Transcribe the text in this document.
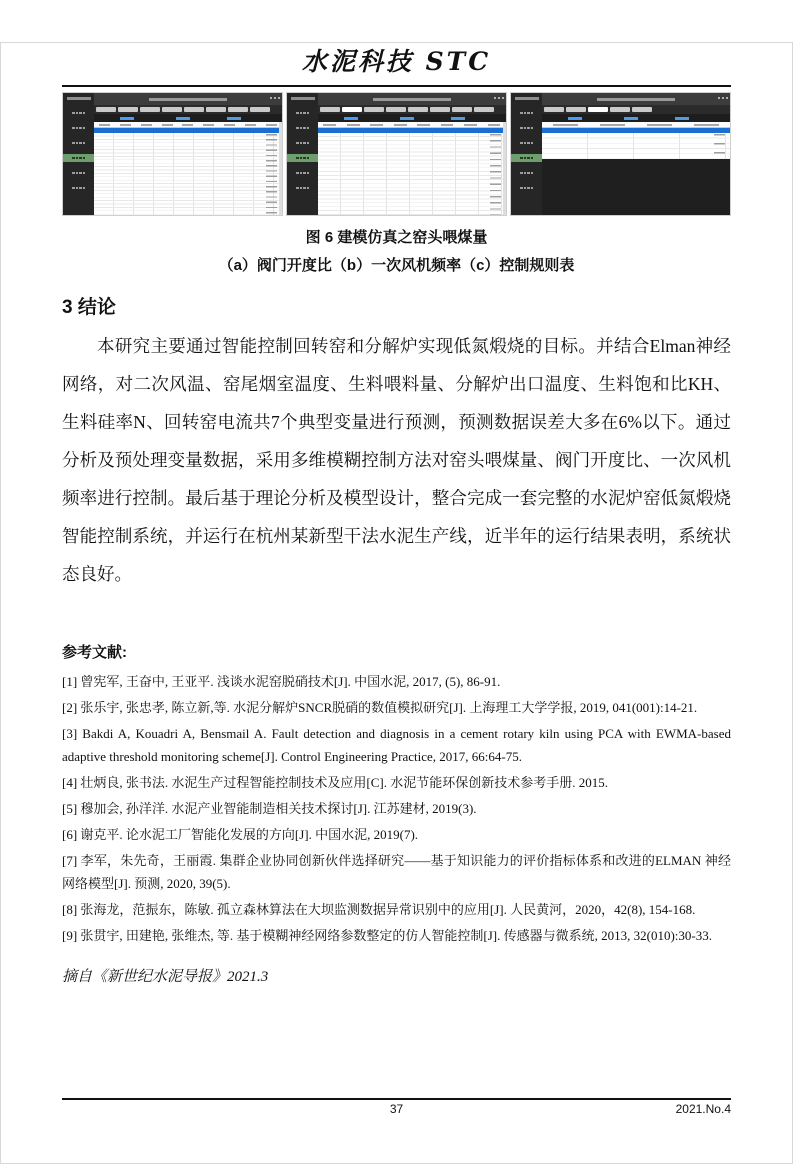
水泥科技 STC
图 6 建模仿真之窑头喂煤量
（a）阀门开度比（b）一次风机频率（c）控制规则表
3 结论

本研究主要通过智能控制回转窑和分解炉实现低氮煅烧的目标。并结合Elman神经网络，对二次风温、窑尾烟室温度、生料喂料量、分解炉出口温度、生料饱和比KH、生料硅率N、回转窑电流共7个典型变量进行预测，预测数据误差大多在6%以下。通过分析及预处理变量数据，采用多维模糊控制方法对窑头喂煤量、阀门开度比、一次风机频率进行控制。最后基于理论分析及模型设计，整合完成一套完整的水泥炉窑低氮煅烧智能控制系统，并运行在杭州某新型干法水泥生产线，近半年的运行结果表明，系统状态良好。

参考文献:

[1] 曾宪军, 王奋中, 王亚平. 浅谈水泥窑脱硝技术[J]. 中国水泥, 2017, (5), 86-91.

[2] 张乐宇, 张忠孝, 陈立新,等. 水泥分解炉SNCR脱硝的数值模拟研究[J]. 上海理工大学学报, 2019, 041(001):14-21.

[3] Bakdi A, Kouadri A, Bensmail A. Fault detection and diagnosis in a cement rotary kiln using PCA with EWMA-based adaptive threshold monitoring scheme[J]. Control Engineering Practice, 2017, 66:64-75.

[4] 壮炳良, 张书法. 水泥生产过程智能控制技术及应用[C]. 水泥节能环保创新技术参考手册. 2015.

[5] 穆加会, 孙洋洋. 水泥产业智能制造相关技术探讨[J]. 江苏建材, 2019(3).

[6] 谢克平. 论水泥工厂智能化发展的方向[J]. 中国水泥, 2019(7).

[7] 李军，朱先奇，王丽霞. 集群企业协同创新伙伴选择研究——基于知识能力的评价指标体系和改进的ELMAN 神经网络模型[J]. 预测, 2020, 39(5).

[8] 张海龙，范振东，陈敏. 孤立森林算法在大坝监测数据异常识别中的应用[J]. 人民黄河，2020，42(8), 154-168.

[9] 张贯宇, 田建艳, 张维杰, 等. 基于模糊神经网络参数整定的仿人智能控制[J]. 传感器与微系统, 2013, 32(010):30-33.

摘自《新世纪水泥导报》2021.3
37	2021.No.4
